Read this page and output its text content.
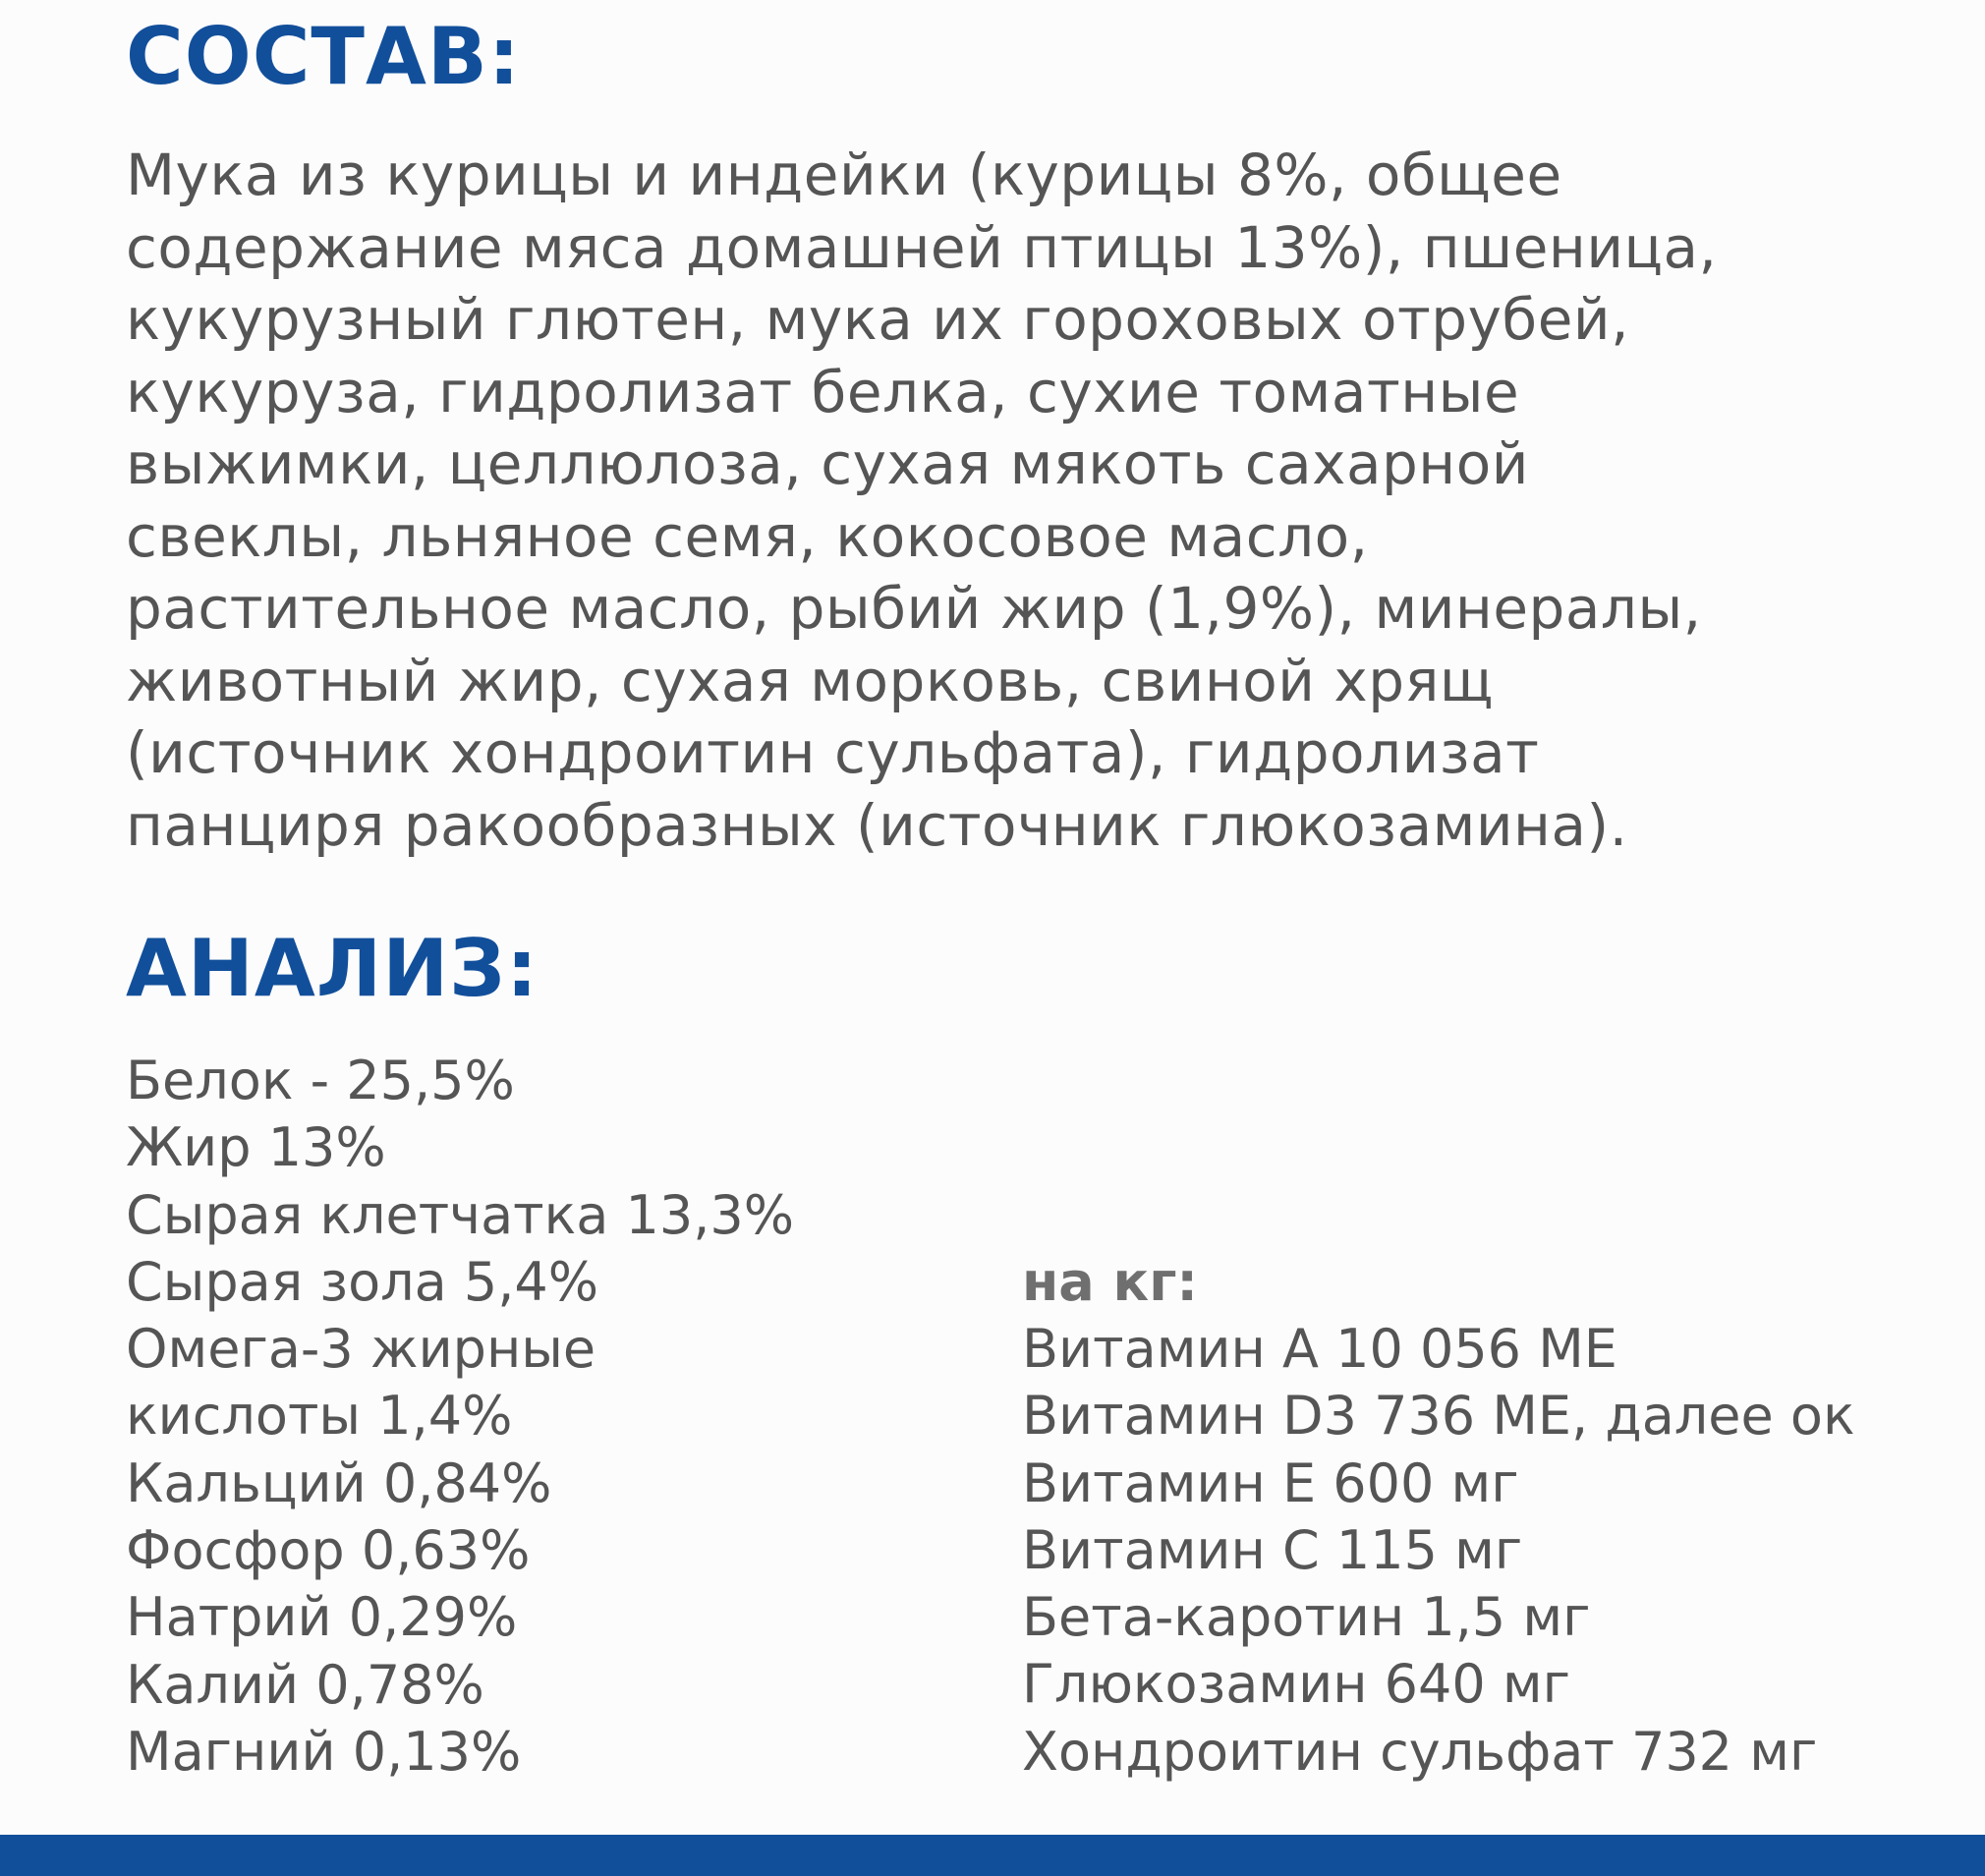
СОСТАВ:
Мука из курицы и индейки (курицы 8%, общее
содержание мяса домашней птицы 13%), пшеница,
кукурузный глютен, мука их гороховых отрубей,
кукуруза, гидролизат белка, сухие томатные
выжимки, целлюлоза, сухая мякоть сахарной
свеклы, льняное семя, кокосовое масло,
растительное масло, рыбий жир (1,9%), минералы,
животный жир, сухая морковь, свиной хрящ
(источник хондроитин сульфата), гидролизат
панциря ракообразных (источник глюкозамина).
АНАЛИЗ:
Белок - 25,5%
Жир 13%
Сырая клетчатка 13,3%
Сырая зола 5,4%
Омега-3 жирные
кислоты 1,4%
Кальций 0,84%
Фосфор 0,63%
Натрий 0,29%
Калий 0,78%
Магний 0,13%
на кг:
Витамин А 10 056 МЕ
Витамин D3 736 МЕ, далее ок
Витамин Е 600 мг
Витамин С 115 мг
Бета-каротин 1,5 мг
Глюкозамин 640 мг
Хондроитин сульфат 732 мг
